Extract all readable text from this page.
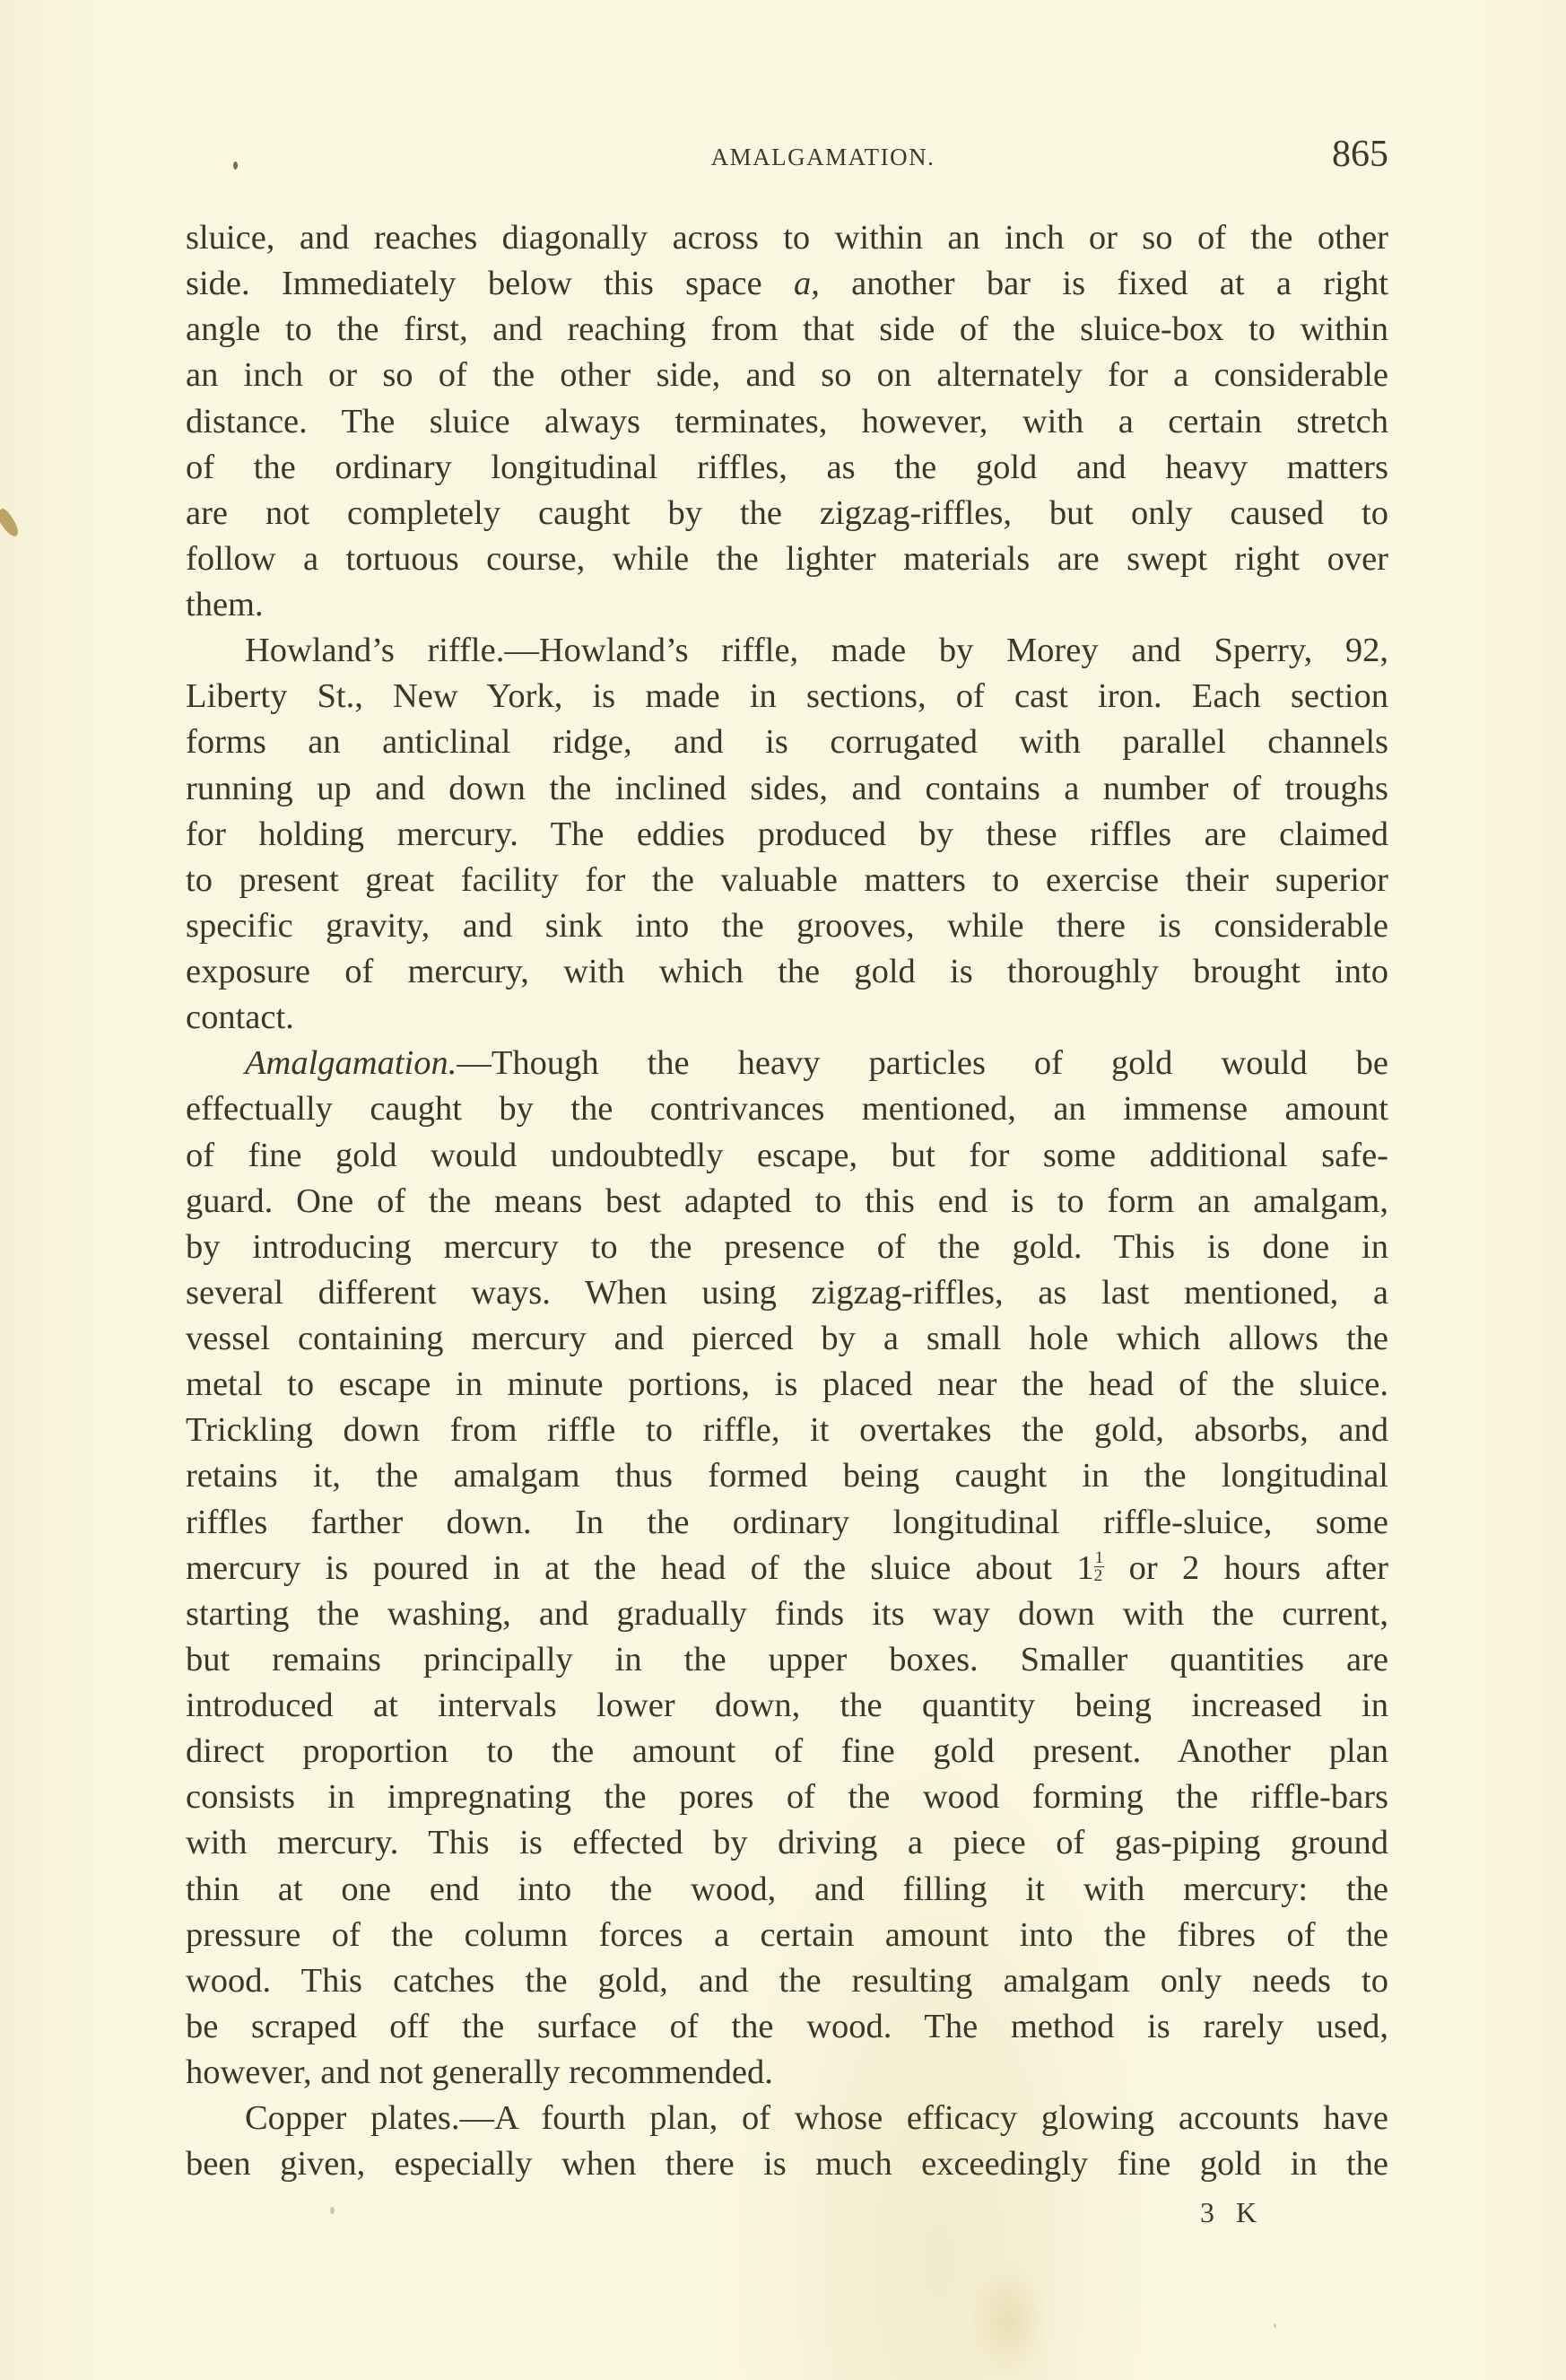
AMALGAMATION.	865
sluice, and reaches diagonally across to within an inch or so of the other
side. Immediately below this space a, another bar is fixed at a right
angle to the first, and reaching from that side of the sluice-box to within
an inch or so of the other side, and so on alternately for a considerable
distance. The sluice always terminates, however, with a certain stretch
of the ordinary longitudinal riffles, as the gold and heavy matters
are not completely caught by the zigzag-riffles, but only caused to
follow a tortuous course, while the lighter materials are swept right over
them.
Howland’s riffle.—Howland’s riffle, made by Morey and Sperry, 92,
Liberty St., New York, is made in sections, of cast iron. Each section
forms an anticlinal ridge, and is corrugated with parallel channels
running up and down the inclined sides, and contains a number of troughs
for holding mercury. The eddies produced by these riffles are claimed
to present great facility for the valuable matters to exercise their superior
specific gravity, and sink into the grooves, while there is considerable
exposure of mercury, with which the gold is thoroughly brought into
contact.
Amalgamation.—Though the heavy particles of gold would be
effectually caught by the contrivances mentioned, an immense amount
of fine gold would undoubtedly escape, but for some additional safe-
guard. One of the means best adapted to this end is to form an amalgam,
by introducing mercury to the presence of the gold. This is done in
several different ways. When using zigzag-riffles, as last mentioned, a
vessel containing mercury and pierced by a small hole which allows the
metal to escape in minute portions, is placed near the head of the sluice.
Trickling down from riffle to riffle, it overtakes the gold, absorbs, and
retains it, the amalgam thus formed being caught in the longitudinal
riffles farther down. In the ordinary longitudinal riffle-sluice, some
mercury is poured in at the head of the sluice about $1 \frac{1}{2}$ or 2 hours after
starting the washing, and gradually finds its way down with the current,
but remains principally in the upper boxes. Smaller quantities are
introduced at intervals lower down, the quantity being increased in
direct proportion to the amount of fine gold present. Another plan
consists in impregnating the pores of the wood forming the riffle-bars
with mercury. This is effected by driving a piece of gas-piping ground
thin at one end into the wood, and filling it with mercury: the
pressure of the column forces a certain amount into the fibres of the
wood. This catches the gold, and the resulting amalgam only needs to
be scraped off the surface of the wood. The method is rarely used,
however, and not generally recommended.
Copper plates.—A fourth plan, of whose efficacy glowing accounts have
been given, especially when there is much exceedingly fine gold in the
3 K
